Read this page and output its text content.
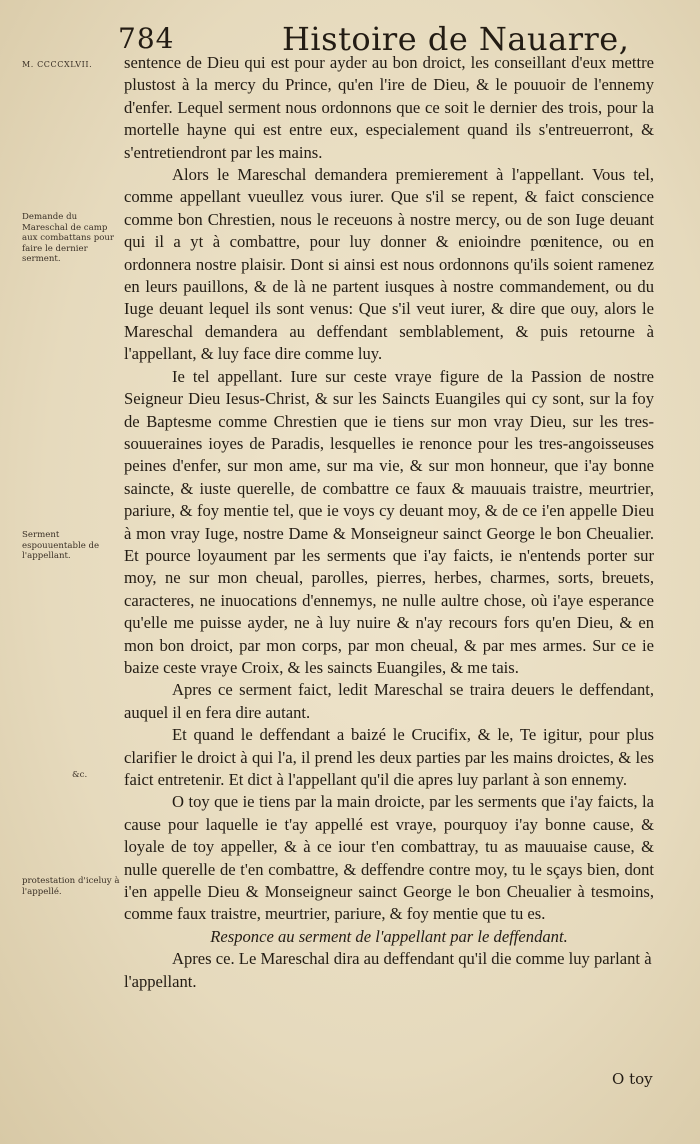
784	Histoire de Nauarre,
M. CCCCXLVII.
Demande du Mareschal de camp aux combattans pour faire le dernier serment.
Serment espouuentable de l'appellant.
&c.
protestation d'iceluy à l'appellé.

sentence de Dieu qui est pour ayder au bon droict, les conseillant d'eux mettre plustost à la mercy du Prince, qu'en l'ire de Dieu, & le pouuoir de l'ennemy d'enfer. Lequel serment nous ordonnons que ce soit le dernier des trois, pour la mortelle hayne qui est entre eux, especialement quand ils s'entreuerront, & s'entretiendront par les mains.

Alors le Mareschal demandera premierement à l'appellant. Vous tel, comme appellant vueullez vous iurer. Que s'il se repent, & faict conscience comme bon Chrestien, nous le receuons à nostre mercy, ou de son Iuge deuant qui il a yt à combattre, pour luy donner & enioindre pœnitence, ou en ordonnera nostre plaisir. Dont si ainsi est nous ordonnons qu'ils soient ramenez en leurs pauillons, & de là ne partent iusques à nostre commandement, ou du Iuge deuant lequel ils sont venus: Que s'il veut iurer, & dire que ouy, alors le Mareschal demandera au deffendant semblablement, & puis retourne à l'appellant, & luy face dire comme luy.

Ie tel appellant. Iure sur ceste vraye figure de la Passion de nostre Seigneur Dieu Iesus-Christ, & sur les Saincts Euangiles qui cy sont, sur la foy de Baptesme comme Chrestien que ie tiens sur mon vray Dieu, sur les tres-souueraines ioyes de Paradis, lesquelles ie renonce pour les tres-angoisseuses peines d'enfer, sur mon ame, sur ma vie, & sur mon honneur, que i'ay bonne saincte, & iuste querelle, de combattre ce faux & mauuais traistre, meurtrier, pariure, & foy mentie tel, que ie voys cy deuant moy, & de ce i'en appelle Dieu à mon vray Iuge, nostre Dame & Monseigneur sainct George le bon Cheualier. Et pource loyaument par les serments que i'ay faicts, ie n'entends porter sur moy, ne sur mon cheual, parolles, pierres, herbes, charmes, sorts, breuets, caracteres, ne inuocations d'ennemys, ne nulle aultre chose, où i'aye esperance qu'elle me puisse ayder, ne à luy nuire & n'ay recours fors qu'en Dieu, & en mon bon droict, par mon corps, par mon cheual, & par mes armes. Sur ce ie baize ceste vraye Croix, & les saincts Euangiles, & me tais.

Apres ce serment faict, ledit Mareschal se traira deuers le deffendant, auquel il en fera dire autant.

Et quand le deffendant a baizé le Crucifix, & le, Te igitur, pour plus clarifier le droict à qui l'a, il prend les deux parties par les mains droictes, & les faict entretenir. Et dict à l'appellant qu'il die apres luy parlant à son ennemy.

O toy que ie tiens par la main droicte, par les serments que i'ay faicts, la cause pour laquelle ie t'ay appellé est vraye, pourquoy i'ay bonne cause, & loyale de toy appeller, & à ce iour t'en combattray, tu as mauuaise cause, & nulle querelle de t'en combattre, & deffendre contre moy, tu le sçays bien, dont i'en appelle Dieu & Monseigneur sainct George le bon Cheualier à tesmoins, comme faux traistre, meurtrier, pariure, & foy mentie que tu es.

Responce au serment de l'appellant par le deffendant.

Apres ce. Le Mareschal dira au deffendant qu'il die comme luy parlant à l'appellant.

O toy
